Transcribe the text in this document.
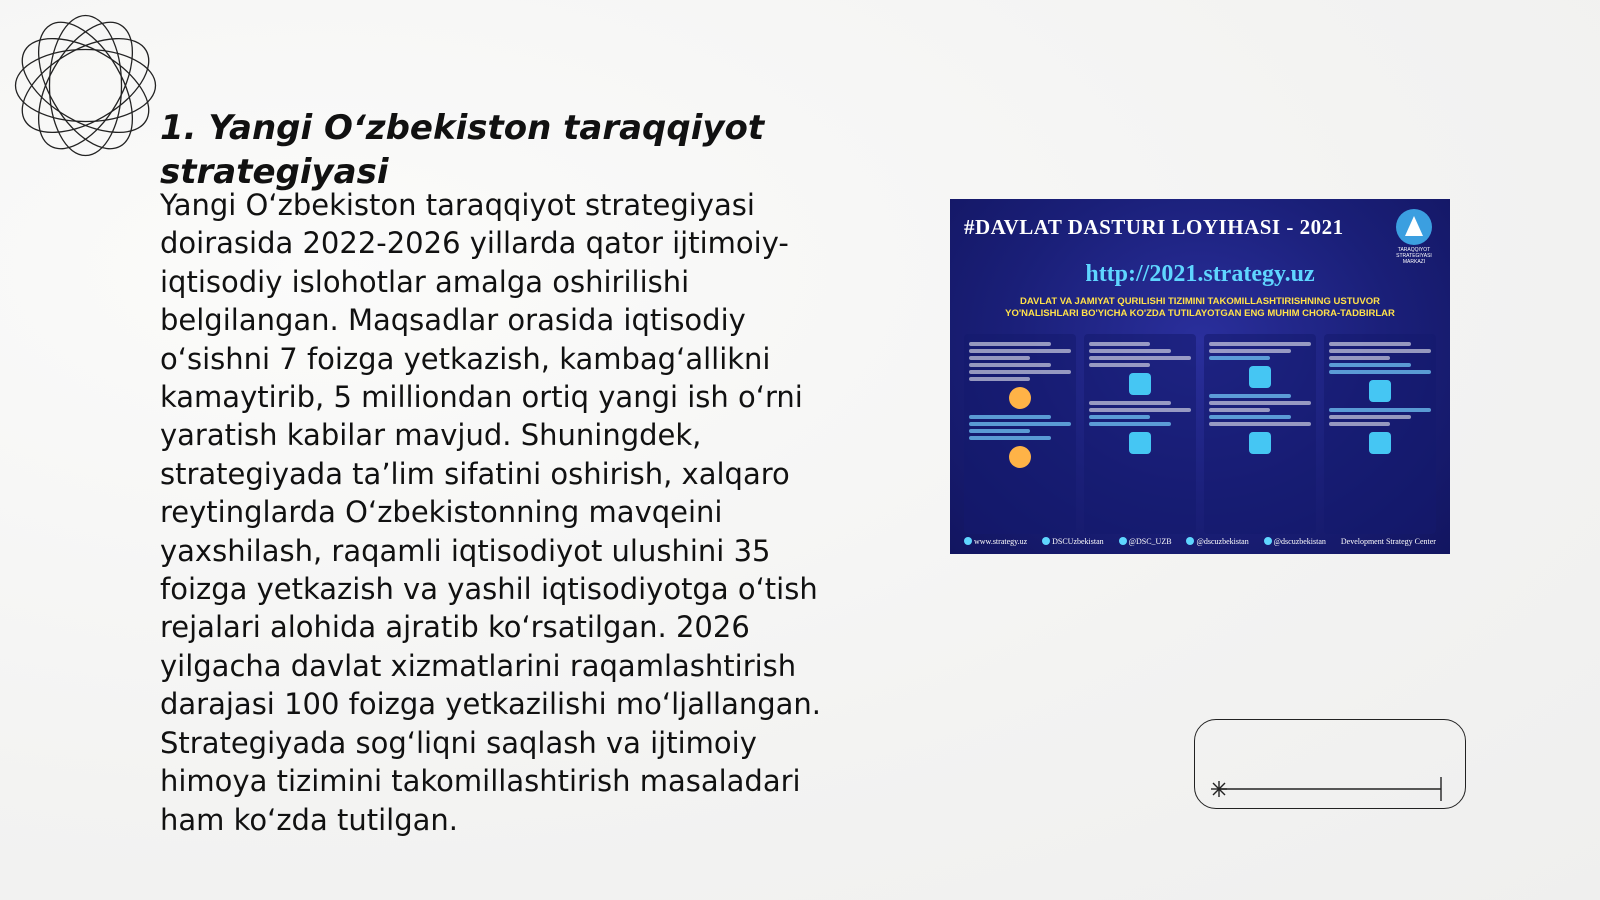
1. Yangi O‘zbekiston taraqqiyot strategiyasi

Yangi O‘zbekiston taraqqiyot strategiyasi doirasida 2022-2026 yillarda qator ijtimoiy-iqtisodiy islohotlar amalga oshirilishi belgilangan. Maqsadlar orasida iqtisodiy o‘sishni 7 foizga yetkazish, kambag‘allikni kamaytirib, 5 milliondan ortiq yangi ish o‘rni yaratish kabilar mavjud. Shuningdek, strategiyada ta’lim sifatini oshirish, xalqaro reytinglarda O‘zbekistonning mavqeini yaxshilash, raqamli iqtisodiyot ulushini 35 foizga yetkazish va yashil iqtisodiyotga o‘tish rejalari alohida ajratib ko‘rsatilgan. 2026 yilgacha davlat xizmatlarini raqamlashtirish darajasi 100 foizga yetkazilishi mo‘ljallangan. Strategiyada sog‘liqni saqlash va ijtimoiy himoya tizimini takomillashtirish masaladari ham ko‘zda tutilgan.

#DAVLAT DASTURI LOYIHASI - 2021
TARAQQIYOT STRATEGIYASI MARKAZI
http://2021.strategy.uz
DAVLAT VA JAMIYAT QURILISHI TIZIMINI TAKOMILLASHTIRISHNING USTUVOR YO'NALISHLARI BO'YICHA KO'ZDA TUTILAYOTGAN ENG MUHIM CHORA-TADBIRLAR
www.strategy.uz	DSCUzbekistan	@DSC_UZB	@dscuzbekistan	@dscuzbekistan Development Strategy Center
